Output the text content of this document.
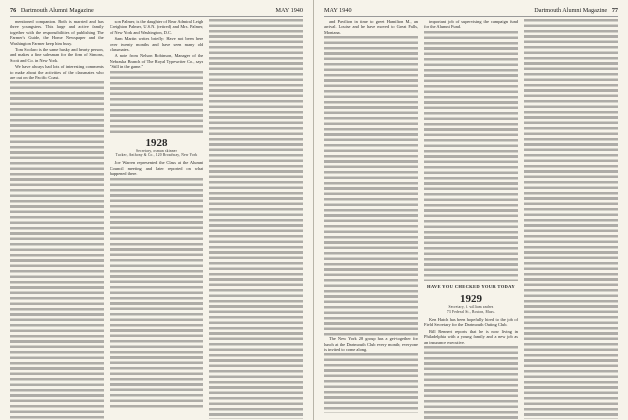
76 Dartmouth Alumni Magazine	MAY 1940

mentioned companion. Both is married and has three youngsters. This large and active family together with the responsibilities of publishing The Farmer's Guide, the Home Newspaper and the Washington Farmer keep him busy.

Tom Scolaro is the same husky and hearty person, and makes a fine salesman for the firm of Simons, Scott and Co. in New York.

We have always had lots of interesting comments to make about the activities of the classmates who are out on the Pacific Coast.

son Palmer, is the daughter of Rear Admiral Leigh Creighton Palmer, U.S.N. (retired) and Mrs. Palmer, of New York and Washington, D.C.

Sam Martin writes briefly: Have not been here over twenty months and have seen many old classmates.

A note from Nelson Robinson, Manager of the Nebraska Branch of The Royal Typewriter Co., says "Still in the game."

1928
Secretary, osmun skinner
Tucker, Anthony & Co., 120 Broadway, New York

Joe Warren represented the Class at the Alumni Council meeting and later reported on what happened there.

MAY 1940	Dartmouth Alumni Magazine 77

and Pavilion in time to greet Hamilton M., an arrival. Louise and he have moved to Great Falls, Montana.

The New York 28 group has a get-together for lunch at the Dartmouth Club every month; everyone is invited to come along.

important job of supervising the campaign fund for the Alumni Fund.

HAVE YOU CHECKED YOUR TODAY
1929
Secretary, f. william andres
73 Federal St., Boston, Mass.

Ken Hatch has been hopefully hired to the job of Field Secretary for the Dartmouth Outing Club.

Bill Rennert reports that he is now living in Philadelphia with a young family and a new job as an insurance executive.
